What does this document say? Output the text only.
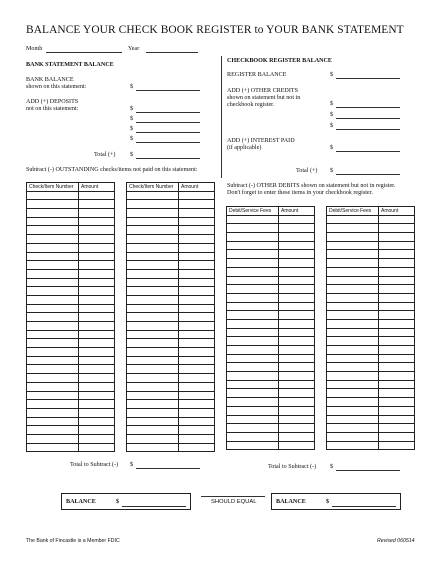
BALANCE YOUR CHECK BOOK REGISTER to YOUR BANK STATEMENT
Month	Year
BANK STATEMENT BALANCE
BANK BALANCE
shown on this statement:	$
ADD (+) DEPOSITS
not on this statement:	$
$
$
$
Total (+) $
Subtract (-) OUTSTANDING checks/items not paid on this statement:
CHECKBOOK REGISTER BALANCE
REGISTER BALANCE	$
ADD (+) OTHER CREDITS
shown on statement but not in
checkbook register.	$
$
$
ADD (+) INTEREST PAID
(if applicable)	$
Total (+) $
Subtract (-) OTHER DEBITS shown on statement but not in register.
Don't forget to enter these items in your checkbook register.
Check/Item Number	Amount

		Check/Item Number	Amount

Debit/Service Fees	Amount

		Debit/Service Fees	Amount

Total to Subtract (-) $	Total to Subtract (-) $
BALANCE	$	SHOULD EQUAL	BALANCE	$
The Bank of Fincastle is a Member FDIC	Revised 060514
